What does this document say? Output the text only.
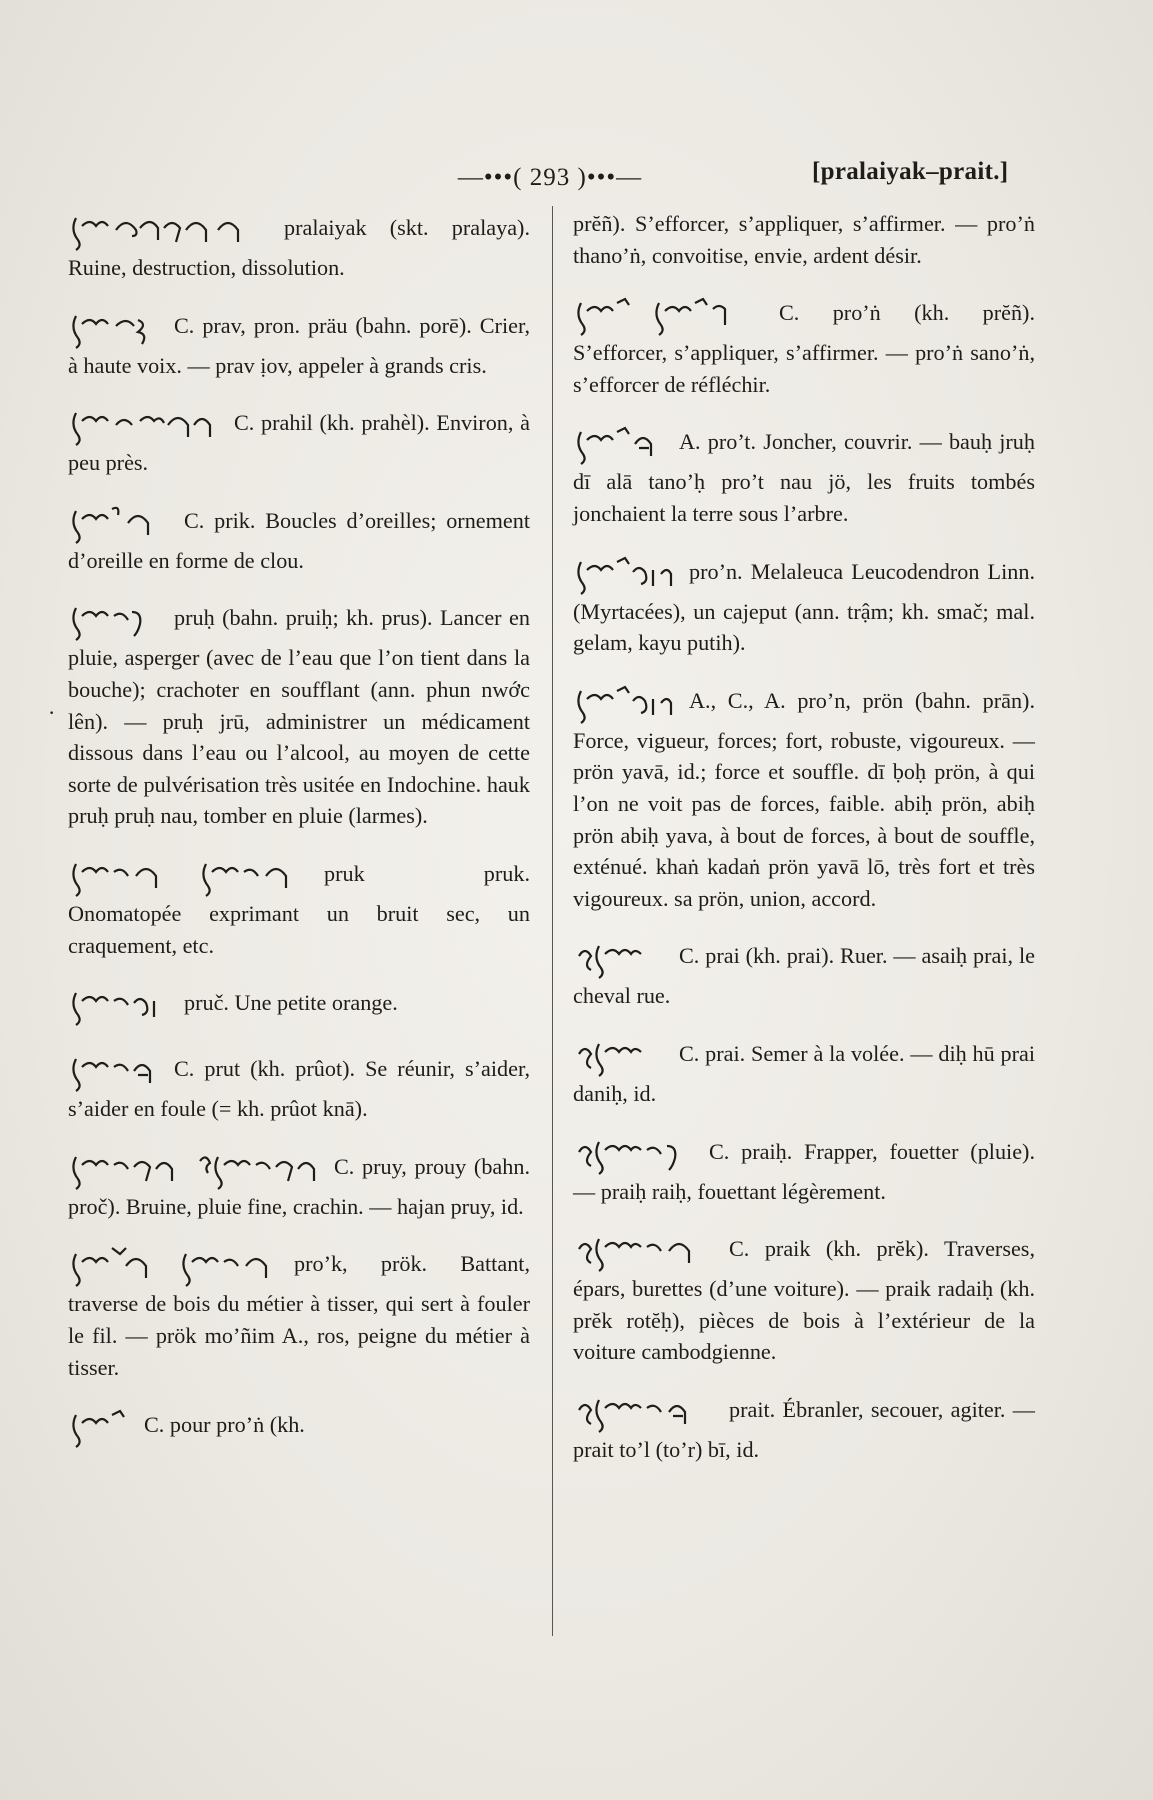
—•••( 293 )•••—	[pralaiyak–prait.]
·
pralaiyak (skt. pralaya). Ruine, destruction, dissolution.
C. prav, pron. präu (bahn. porē). Crier, à haute voix. — prav ịov, appeler à grands cris.
C. prahil (kh. prahèl). Environ, à peu près.
C. prik. Boucles d’oreilles; ornement d’oreille en forme de clou.
pruḥ (bahn. pruiḥ; kh. prus). Lancer en pluie, asperger (avec de l’eau que l’on tient dans la bouche); crachoter en soufflant (ann. phun nwớc lên). — pruḥ jrū, administrer un médicament dissous dans l’eau ou l’alcool, au moyen de cette sorte de pulvérisation très usitée en Indochine. hauk pruḥ pruḥ nau, tomber en pluie (larmes).
pruk pruk. Onomatopée exprimant un bruit sec, un craquement, etc.
pruč. Une petite orange.
C. prut (kh. prûot). Se réunir, s’aider, s’aider en foule (= kh. prûot knā).
C. pruy, prouy (bahn. proč). Bruine, pluie fine, crachin. — hajan pruy, id.
pro’k, prök. Battant, traverse de bois du métier à tisser, qui sert à fouler le fil. — prök mo’ñim A., ros, peigne du métier à tisser.
C. pour pro’ṅ (kh.
prĕñ). S’efforcer, s’appliquer, s’affirmer. — pro’ṅ thano’ṅ, convoitise, envie, ardent désir.
C. pro’ṅ (kh. prĕñ). S’efforcer, s’appliquer, s’affirmer. — pro’ṅ sano’ṅ, s’efforcer de réfléchir.
A. pro’t. Joncher, couvrir. — bauḥ jruḥ dī alā tano’ḥ pro’t nau jö, les fruits tombés jonchaient la terre sous l’arbre.
pro’n. Melaleuca Leucodendron Linn. (Myrtacées), un cajeput (ann. trậm; kh. smač; mal. gelam, kayu putih).
A., C., A. pro’n, prön (bahn. prān). Force, vigueur, forces; fort, robuste, vigoureux. — prön yavā, id.; force et souffle. dī ḅoḥ prön, à qui l’on ne voit pas de forces, faible. abiḥ prön, abiḥ prön abiḥ yava, à bout de forces, à bout de souffle, exténué. khaṅ kadaṅ prön yavā lō, très fort et très vigoureux. sa prön, union, accord.
C. prai (kh. prai). Ruer. — asaiḥ prai, le cheval rue.
C. prai. Semer à la volée. — diḥ hū prai daniḥ, id.
C. praiḥ. Frapper, fouetter (pluie). — praiḥ raiḥ, fouettant légèrement.
C. praik (kh. prĕk). Traverses, épars, burettes (d’une voiture). — praik radaiḥ (kh. prĕk rotĕḥ), pièces de bois à l’extérieur de la voiture cambodgienne.
prait. Ébranler, secouer, agiter. — prait to’l (to’r) bī, id.
